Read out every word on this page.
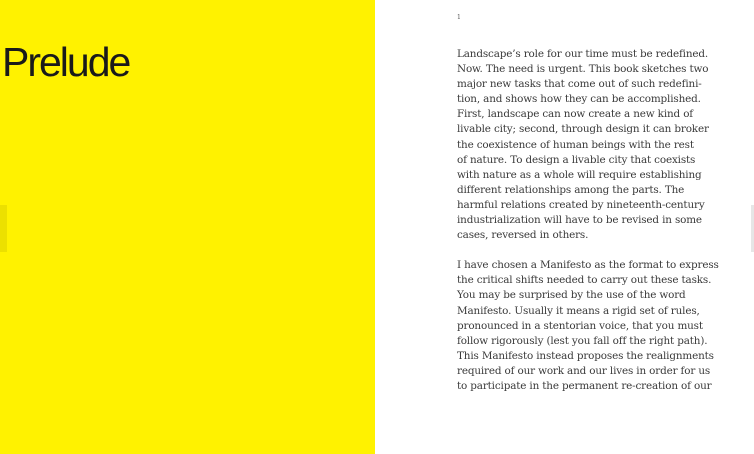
Prelude
1

Landscape’s role for our time must be redefined.
Now. The need is urgent. This book sketches two
major new tasks that come out of such redefini-
tion, and shows how they can be accomplished.
First, landscape can now create a new kind of
livable city; second, through design it can broker
the coexistence of human beings with the rest
of nature. To design a livable city that coexists
with nature as a whole will require establishing
different relationships among the parts. The
harmful relations created by nineteenth-century
industrialization will have to be revised in some
cases, reversed in others.

I have chosen a Manifesto as the format to express
the critical shifts needed to carry out these tasks.
You may be surprised by the use of the word
Manifesto. Usually it means a rigid set of rules,
pronounced in a stentorian voice, that you must
follow rigorously (lest you fall off the right path).
This Manifesto instead proposes the realignments
required of our work and our lives in order for us
to participate in the permanent re-creation of our
